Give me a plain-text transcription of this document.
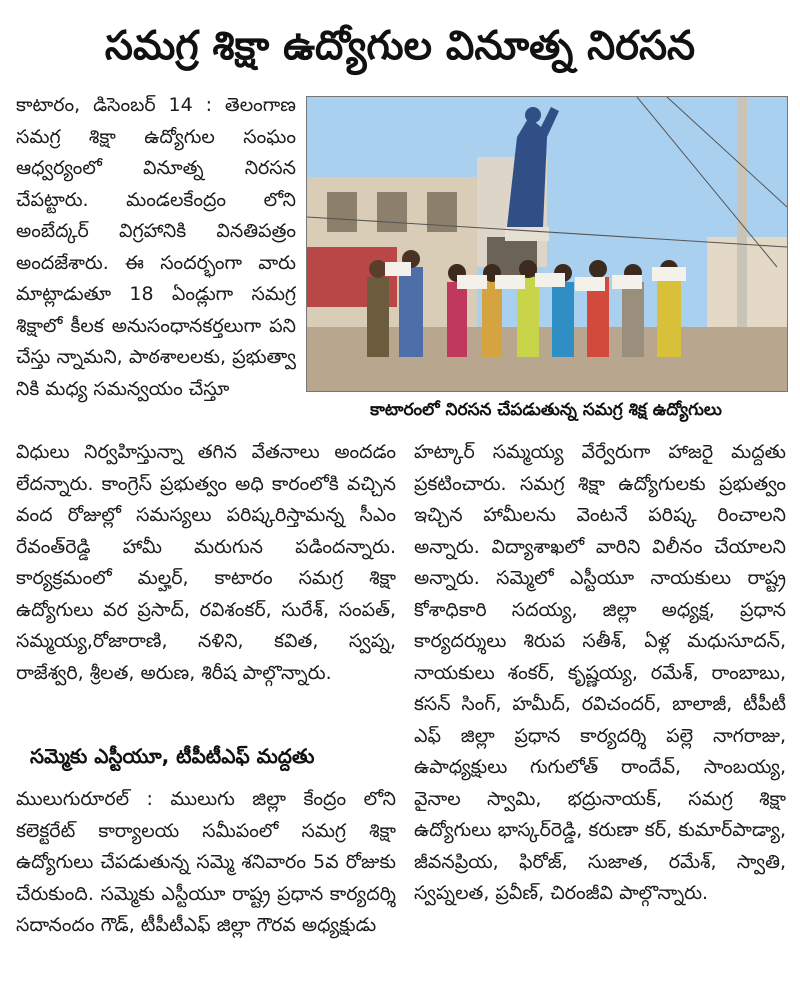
సమగ్ర శిక్షా ఉద్యోగుల వినూత్న నిరసన

కాటారం, డిసెంబర్ 14 : తెలంగాణ సమగ్ర శిక్షా ఉద్యోగుల సంఘం ఆధ్వర్యంలో వినూత్న నిరసన చేపట్టారు. మండలకేంద్రం లోని అంబేద్కర్ విగ్రహానికి వినతిపత్రం అందజేశారు. ఈ సందర్భంగా వారు మాట్లాడుతూ 18 ఏండ్లుగా సమగ్ర శిక్షాలో కీలక అనుసంధానకర్తలుగా పని చేస్తు న్నామని, పాఠశాలలకు, ప్రభుత్వా నికి మధ్య సమన్వయం చేస్తూ

కాటారంలో నిరసన చేపడుతున్న సమగ్ర శిక్ష ఉద్యోగులు

విధులు నిర్వహిస్తున్నా తగిన వేతనాలు అందడం లేదన్నారు. కాంగ్రెస్ ప్రభుత్వం అధి కారంలోకి వచ్చిన వంద రోజుల్లో సమస్యలు పరిష్కరిస్తామన్న సీఎం రేవంత్‌రెడ్డి హామీ మరుగున పడిందన్నారు. కార్యక్రమంలో మల్హర్, కాటారం సమగ్ర శిక్షా ఉద్యోగులు వర ప్రసాద్, రవిశంకర్, సురేశ్, సంపత్, సమ్మయ్య,రోజారాణి, నళిని, కవిత, స్వప్న, రాజేశ్వరి, శ్రీలత, అరుణ, శిరీష పాల్గొన్నారు.

సమ్మెకు ఎస్టీయూ, టీపీటీఎఫ్ మద్దతు

ములుగురూరల్ : ములుగు జిల్లా కేంద్రం లోని కలెక్టరేట్ కార్యాలయ సమీపంలో సమగ్ర శిక్షా ఉద్యోగులు చేపడుతున్న సమ్మె శనివారం 5వ రోజుకు చేరుకుంది. సమ్మెకు ఎస్టీయూ రాష్ట్ర ప్రధాన కార్యదర్శి సదానందం గౌడ్, టీపీటీఎఫ్ జిల్లా గౌరవ అధ్యక్షుడు

హట్కార్ సమ్మయ్య వేర్వేరుగా హాజరై మద్దతు ప్రకటించారు. సమగ్ర శిక్షా ఉద్యోగులకు ప్రభుత్వం ఇచ్చిన హామీలను వెంటనే పరిష్క రించాలని అన్నారు. విద్యాశాఖలో వారిని విలీనం చేయాలని అన్నారు. సమ్మెలో ఎస్టీయూ నాయకులు రాష్ట్ర కోశాధికారి సదయ్య, జిల్లా అధ్యక్ష, ప్రధాన కార్యదర్శులు శిరుప సతీశ్, ఏళ్ల మధుసూదన్, నాయకులు శంకర్, కృష్ణయ్య, రమేశ్, రాంబాబు, కసన్ సింగ్, హమీద్, రవిచందర్, బాలాజీ, టీపీటీ ఎఫ్ జిల్లా ప్రధాన కార్యదర్శి పల్లె నాగరాజు, ఉపాధ్యక్షులు గుగులోత్ రాందేవ్, సాంబయ్య, వైనాల స్వామి, భద్రునాయక్, సమగ్ర శిక్షా ఉద్యోగులు భాస్కర్‌రెడ్డి, కరుణా కర్, కుమార్‌పాడ్యా, జీవనప్రియ, ఫిరోజ్, సుజాత, రమేశ్, స్వాతి, స్వప్నలత, ప్రవీణ్, చిరంజీవి పాల్గొన్నారు.
